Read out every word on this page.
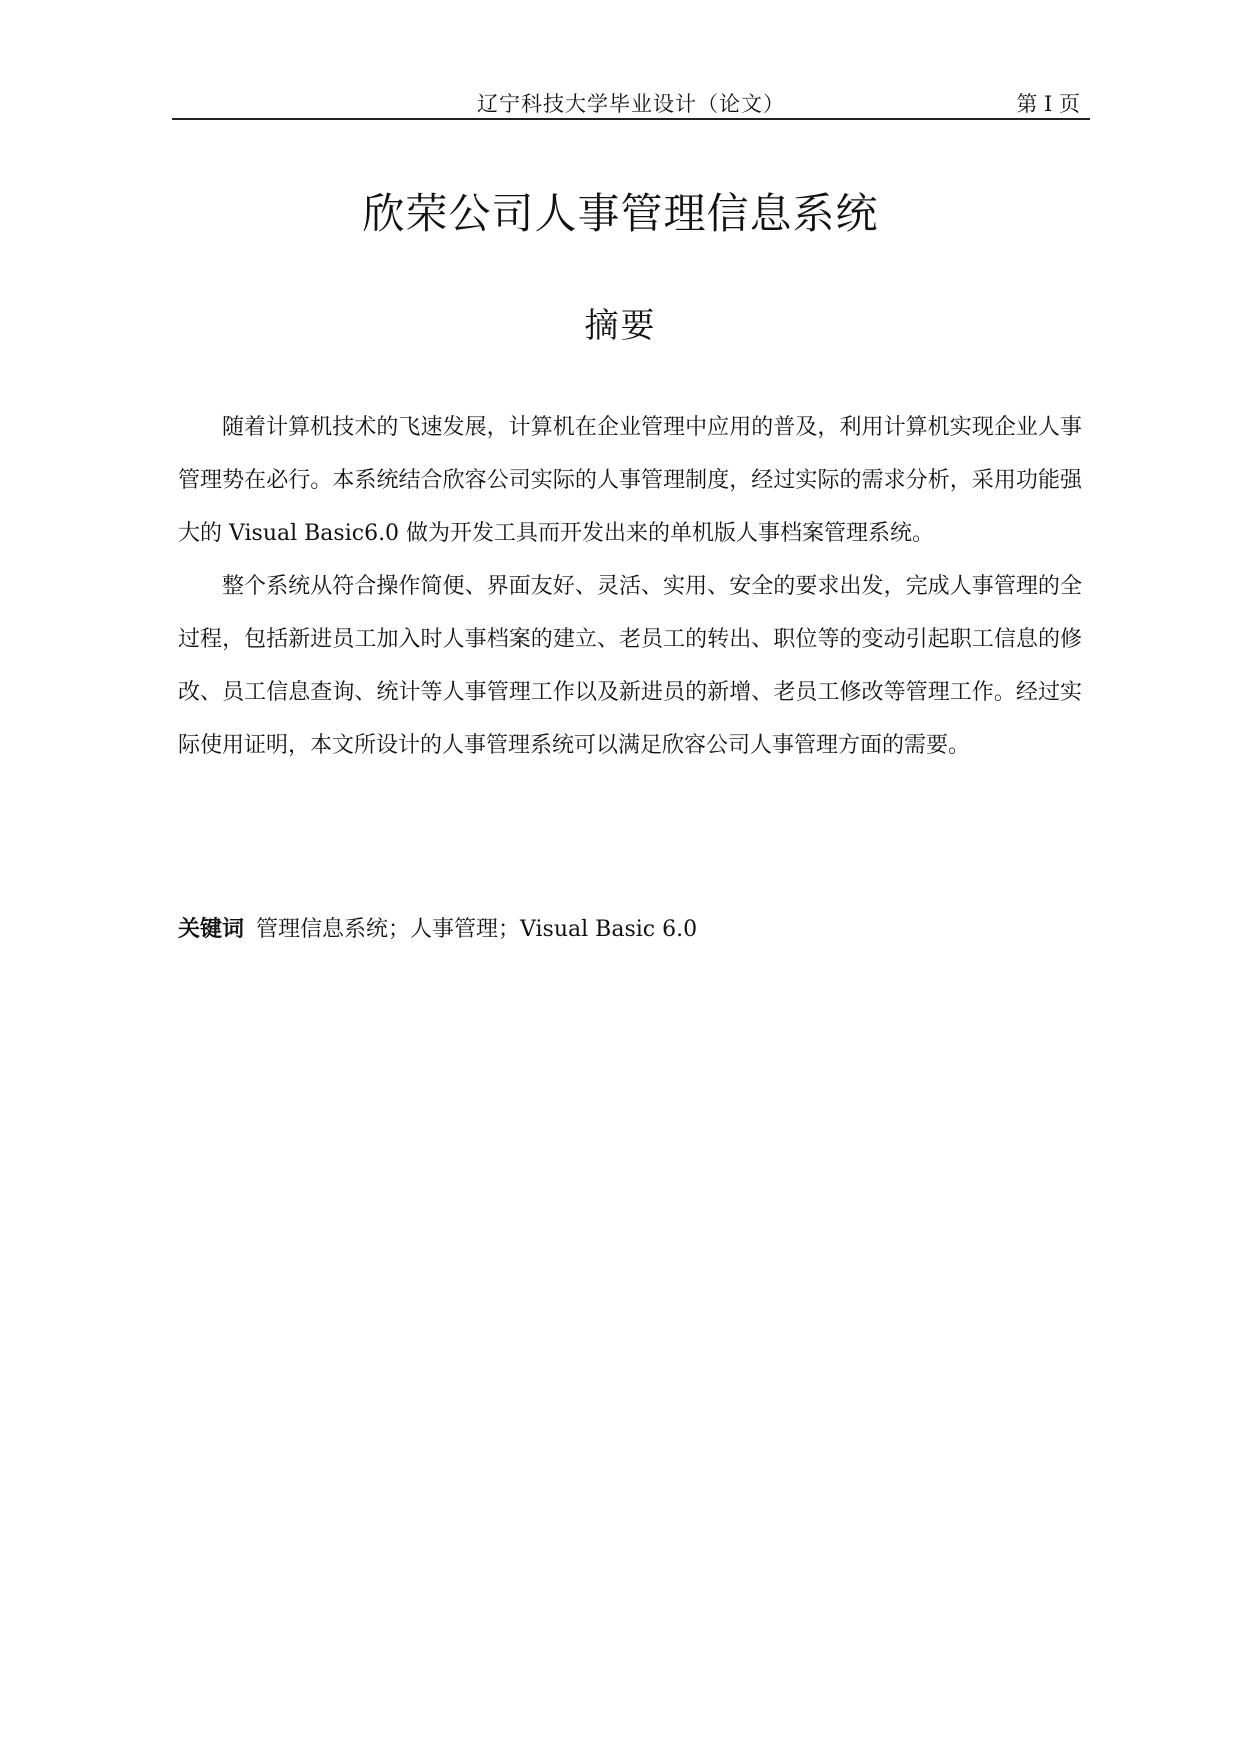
辽宁科技大学毕业设计（论文）	第 I 页
欣荣公司人事管理信息系统
摘要

随着计算机技术的飞速发展，计算机在企业管理中应用的普及，利用计算机实现企业人事管理势在必行。本系统结合欣容公司实际的人事管理制度，经过实际的需求分析，采用功能强大的 Visual Basic6.0 做为开发工具而开发出来的单机版人事档案管理系统。

整个系统从符合操作简便、界面友好、灵活、实用、安全的要求出发，完成人事管理的全过程，包括新进员工加入时人事档案的建立、老员工的转出、职位等的变动引起职工信息的修改、员工信息查询、统计等人事管理工作以及新进员的新增、老员工修改等管理工作。经过实际使用证明，本文所设计的人事管理系统可以满足欣容公司人事管理方面的需要。

关键词 管理信息系统；人事管理；Visual Basic 6.0
